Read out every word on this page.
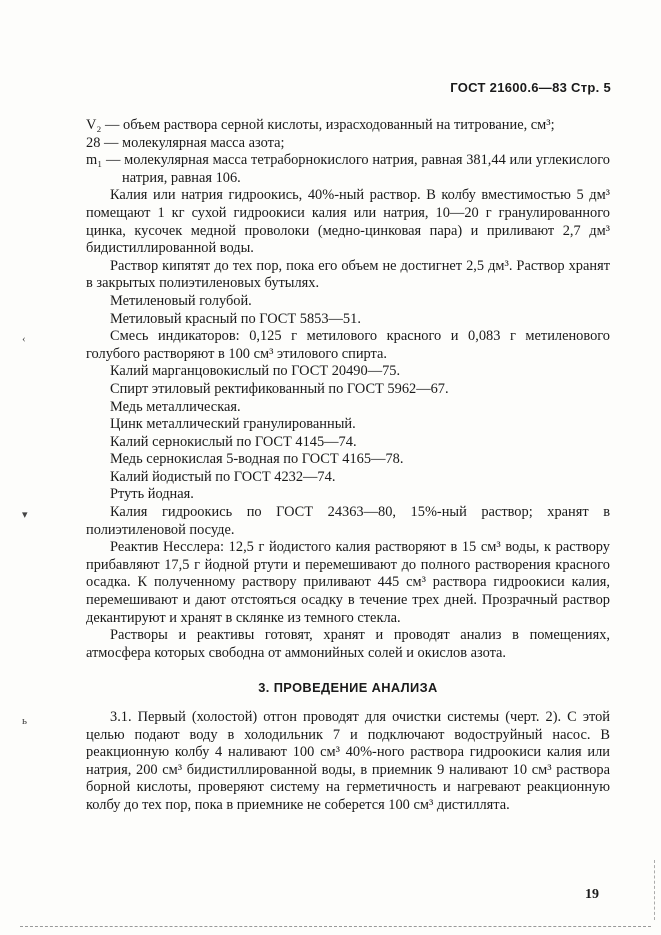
ГОСТ 21600.6—83 Стр. 5
‹
▾
ь

V₂ — объем раствора серной кислоты, израсходованный на титрование, см³;

28 — молекулярная масса азота;

m₁ — молекулярная масса тетраборнокислого натрия, равная 381,44 или углекислого натрия, равная 106.

Калия или натрия гидроокись, 40%-ный раствор. В колбу вместимостью 5 дм³ помещают 1 кг сухой гидроокиси калия или натрия, 10—20 г гранулированного цинка, кусочек медной проволоки (медно-цинковая пара) и приливают 2,7 дм³ бидистиллированной воды.

Раствор кипятят до тех пор, пока его объем не достигнет 2,5 дм³. Раствор хранят в закрытых полиэтиленовых бутылях.

Метиленовый голубой.

Метиловый красный по ГОСТ 5853—51.

Смесь индикаторов: 0,125 г метилового красного и 0,083 г метиленового голубого растворяют в 100 см³ этилового спирта.

Калий марганцовокислый по ГОСТ 20490—75.

Спирт этиловый ректификованный по ГОСТ 5962—67.

Медь металлическая.

Цинк металлический гранулированный.

Калий сернокислый по ГОСТ 4145—74.

Медь сернокислая 5-водная по ГОСТ 4165—78.

Калий йодистый по ГОСТ 4232—74.

Ртуть йодная.

Калия гидроокись по ГОСТ 24363—80, 15%-ный раствор; хранят в полиэтиленовой посуде.

Реактив Несслера: 12,5 г йодистого калия растворяют в 15 см³ воды, к раствору прибавляют 17,5 г йодной ртути и перемешивают до полного растворения красного осадка. К полученному раствору приливают 445 см³ раствора гидроокиси калия, перемешивают и дают отстояться осадку в течение трех дней. Прозрачный раствор декантируют и хранят в склянке из темного стекла.

Растворы и реактивы готовят, хранят и проводят анализ в помещениях, атмосфера которых свободна от аммонийных солей и окислов азота.

3. ПРОВЕДЕНИЕ АНАЛИЗА

3.1. Первый (холостой) отгон проводят для очистки системы (черт. 2). С этой целью подают воду в холодильник 7 и подключают водоструйный насос. В реакционную колбу 4 наливают 100 см³ 40%-ного раствора гидроокиси калия или натрия, 200 см³ бидистиллированной воды, в приемник 9 наливают 10 см³ раствора борной кислоты, проверяют систему на герметичность и нагревают реакционную колбу до тех пор, пока в приемнике не соберется 100 см³ дистиллята.

19
